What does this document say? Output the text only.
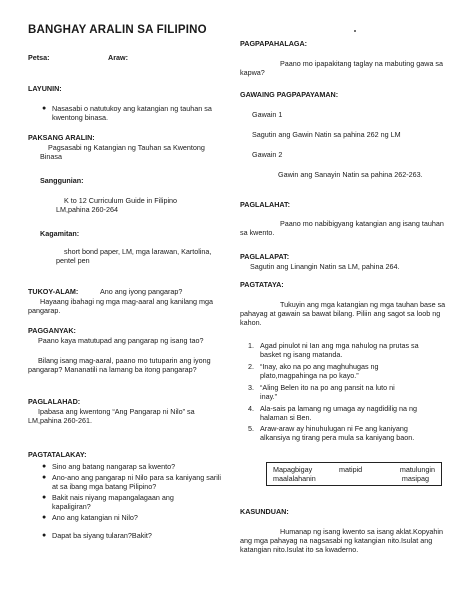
BANGHAY ARALIN SA FILIPINO
Petsa:	Araw:
LAYUNIN:
● Nasasabi o natutukoy ang katangian ng tauhan sa kwentong binasa.
PAKSANG ARALIN:
Pagsasabi ng Katangian ng Tauhan sa Kwentong Binasa
Sanggunian:
K to 12 Curriculum Guide in Filipino LM,pahina 260-264
Kagamitan:
short bond paper, LM, mga larawan, Kartolina, pentel pen
TUKOY-ALAM:	Ano ang iyong pangarap?
Hayaang ibahagi ng mga mag-aaral ang kanilang mga pangarap.
PAGGANYAK:
Paano kaya matutupad ang pangarap ng isang tao?
Bilang isang mag-aaral, paano mo tutuparin ang iyong pangarap? Mananatili na lamang ba itong pangarap?
PAGLALAHAD:
Ipabasa ang kwentong “Ang Pangarap ni Nilo” sa LM,pahina 260-261.
PAGTATALAKAY:
● Sino ang batang nangarap sa kwento?
● Ano-ano ang pangarap ni Nilo para sa kaniyang sarili at sa ibang mga batang Pilipino?
● Bakit nais niyang mapangalagaan ang kapaligiran?
● Ano ang katangian ni Nilo?
● Dapat ba siyang tularan?Bakit?
PAGPAPAHALAGA:
Paano mo ipapakitang taglay na mabuting gawa sa kapwa?
GAWAING PAGPAPAYAMAN:
Gawain 1
Sagutin ang Gawin Natin sa pahina 262 ng LM
Gawain 2
Gawin ang Sanayin Natin sa pahina 262-263.
PAGLALAHAT:
Paano mo nabibigyang katangian ang isang tauhan sa kwento.
PAGLALAPAT:
Sagutin ang Linangin Natin sa LM, pahina 264.
PAGTATAYA:
Tukuyin ang mga katangian ng mga tauhan base sa pahayag at gawain sa bawat bilang. Piliin ang sagot sa loob ng kahon.
1. Agad pinulot ni Ian ang mga nahulog na prutas sa basket ng isang matanda.
2. “Inay, ako na po ang maghuhugas ng plato,magpahinga na po kayo.”
3. “Aling Belen ito na po ang pansit na luto ni inay.”
4. Ala-sais pa lamang ng umaga ay nagdidilig na ng halaman si Ben.
5. Araw-araw ay hinuhulugan ni Fe ang kaniyang alkansiya ng tirang pera mula sa kaniyang baon.
Mapagbigay	matipid	matulungin
maalalahanin	masipag
KASUNDUAN:
Humanap ng isang kwento sa isang aklat.Kopyahin ang mga pahayag na nagsasabi ng katangian nito.Isulat ang katangian nito.Isulat ito sa kwaderno.
